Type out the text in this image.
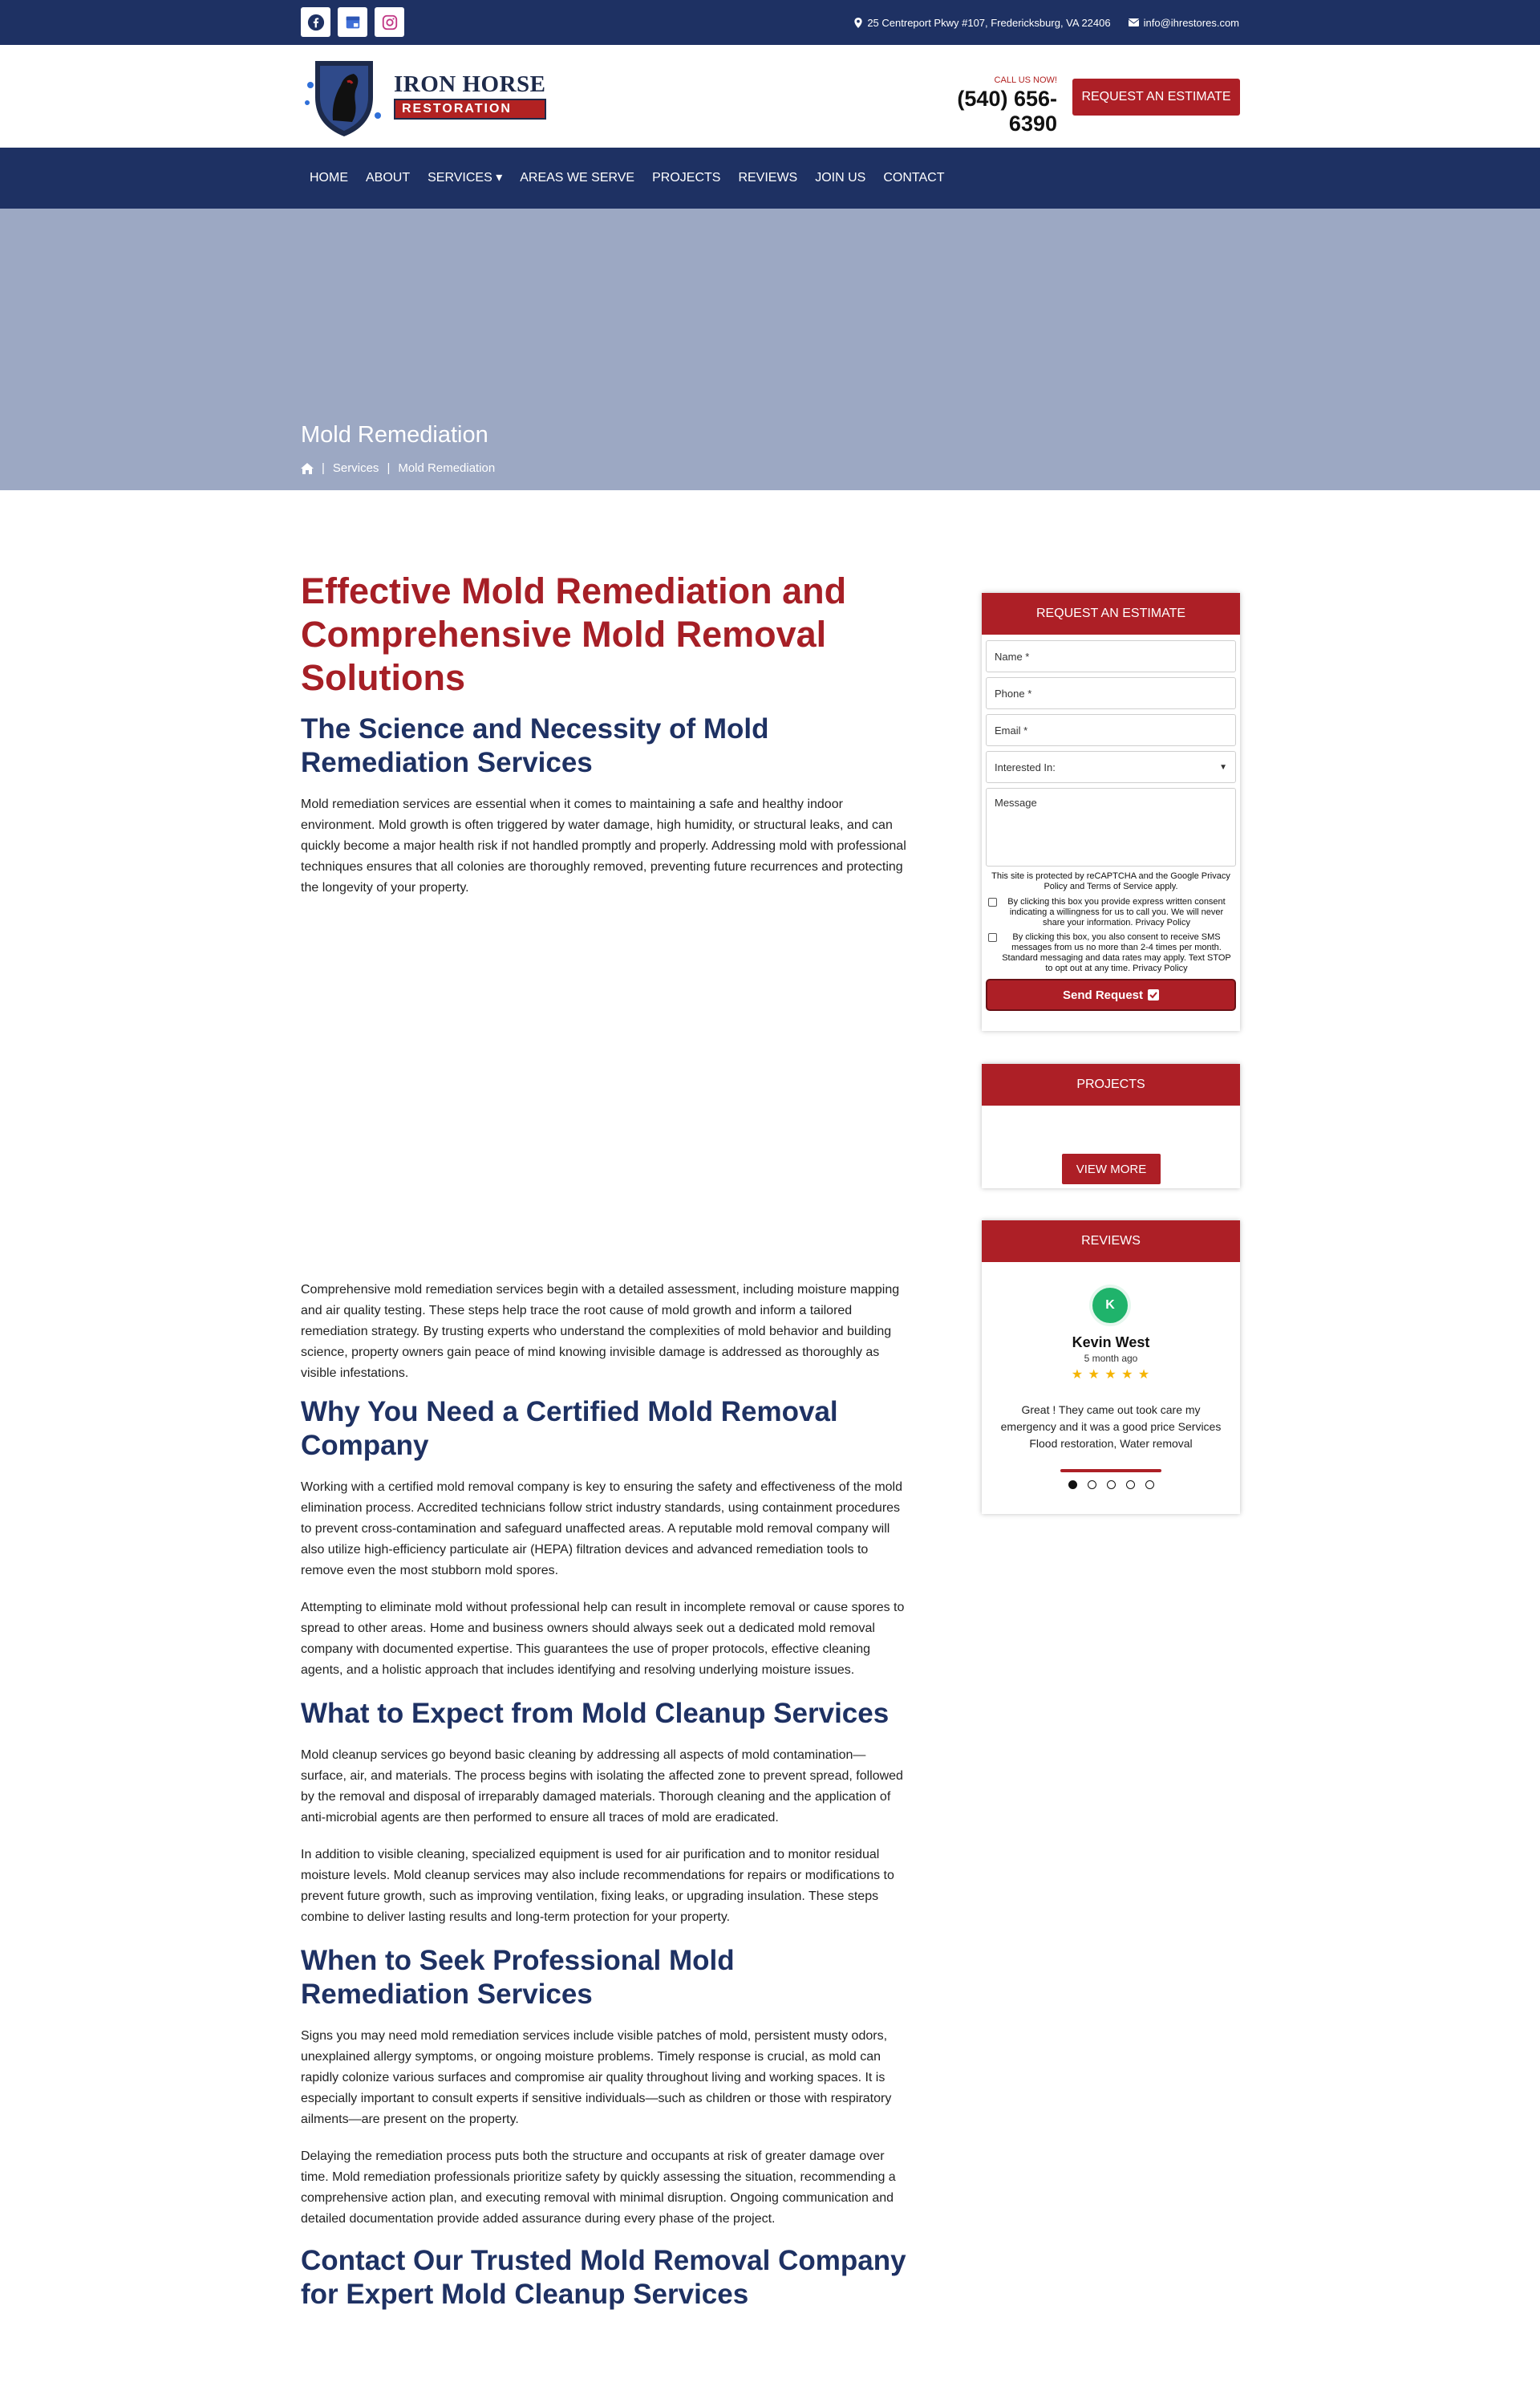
25 Centreport Pkwy #107, Fredericksburg, VA 22406	info@ihrestores.com
IRON HORSE
RESTORATION
CALL US NOW!
(540) 656-6390
REQUEST AN ESTIMATE
HOME	ABOUT	SERVICES ▾	AREAS WE SERVE	PROJECTS	REVIEWS	JOIN US	CONTACT
Mold Remediation
| Services | Mold Remediation
Effective Mold Remediation and Comprehensive Mold Removal Solutions
The Science and Necessity of Mold Remediation Services

Mold remediation services are essential when it comes to maintaining a safe and healthy indoor environment. Mold growth is often triggered by water damage, high humidity, or structural leaks, and can quickly become a major health risk if not handled promptly and properly. Addressing mold with professional techniques ensures that all colonies are thoroughly removed, preventing future recurrences and protecting the longevity of your property.

Comprehensive mold remediation services begin with a detailed assessment, including moisture mapping and air quality testing. These steps help trace the root cause of mold growth and inform a tailored remediation strategy. By trusting experts who understand the complexities of mold behavior and building science, property owners gain peace of mind knowing invisible damage is addressed as thoroughly as visible infestations.

Why You Need a Certified Mold Removal Company

Working with a certified mold removal company is key to ensuring the safety and effectiveness of the mold elimination process. Accredited technicians follow strict industry standards, using containment procedures to prevent cross-contamination and safeguard unaffected areas. A reputable mold removal company will also utilize high-efficiency particulate air (HEPA) filtration devices and advanced remediation tools to remove even the most stubborn mold spores.

Attempting to eliminate mold without professional help can result in incomplete removal or cause spores to spread to other areas. Home and business owners should always seek out a dedicated mold removal company with documented expertise. This guarantees the use of proper protocols, effective cleaning agents, and a holistic approach that includes identifying and resolving underlying moisture issues.

What to Expect from Mold Cleanup Services

Mold cleanup services go beyond basic cleaning by addressing all aspects of mold contamination—surface, air, and materials. The process begins with isolating the affected zone to prevent spread, followed by the removal and disposal of irreparably damaged materials. Thorough cleaning and the application of anti-microbial agents are then performed to ensure all traces of mold are eradicated.

In addition to visible cleaning, specialized equipment is used for air purification and to monitor residual moisture levels. Mold cleanup services may also include recommendations for repairs or modifications to prevent future growth, such as improving ventilation, fixing leaks, or upgrading insulation. These steps combine to deliver lasting results and long-term protection for your property.

When to Seek Professional Mold Remediation Services

Signs you may need mold remediation services include visible patches of mold, persistent musty odors, unexplained allergy symptoms, or ongoing moisture problems. Timely response is crucial, as mold can rapidly colonize various surfaces and compromise air quality throughout living and working spaces. It is especially important to consult experts if sensitive individuals—such as children or those with respiratory ailments—are present on the property.

Delaying the remediation process puts both the structure and occupants at risk of greater damage over time. Mold remediation professionals prioritize safety by quickly assessing the situation, recommending a comprehensive action plan, and executing removal with minimal disruption. Ongoing communication and detailed documentation provide added assurance during every phase of the project.

Contact Our Trusted Mold Removal Company for Expert Mold Cleanup Services
REQUEST AN ESTIMATE
Name *
Phone *
Email *
Interested In:	▼
Message
This site is protected by reCAPTCHA and the Google Privacy Policy and Terms of Service apply.
By clicking this box you provide express written consent indicating a willingness for us to call you. We will never share your information. Privacy Policy
By clicking this box, you also consent to receive SMS messages from us no more than 2-4 times per month. Standard messaging and data rates may apply. Text STOP to opt out at any time. Privacy Policy
Send Request
PROJECTS
VIEW MORE
REVIEWS
K
Kevin West
5 month ago
★ ★ ★ ★ ★
Great ! They came out took care my emergency and it was a good price Services Flood restoration, Water removal
